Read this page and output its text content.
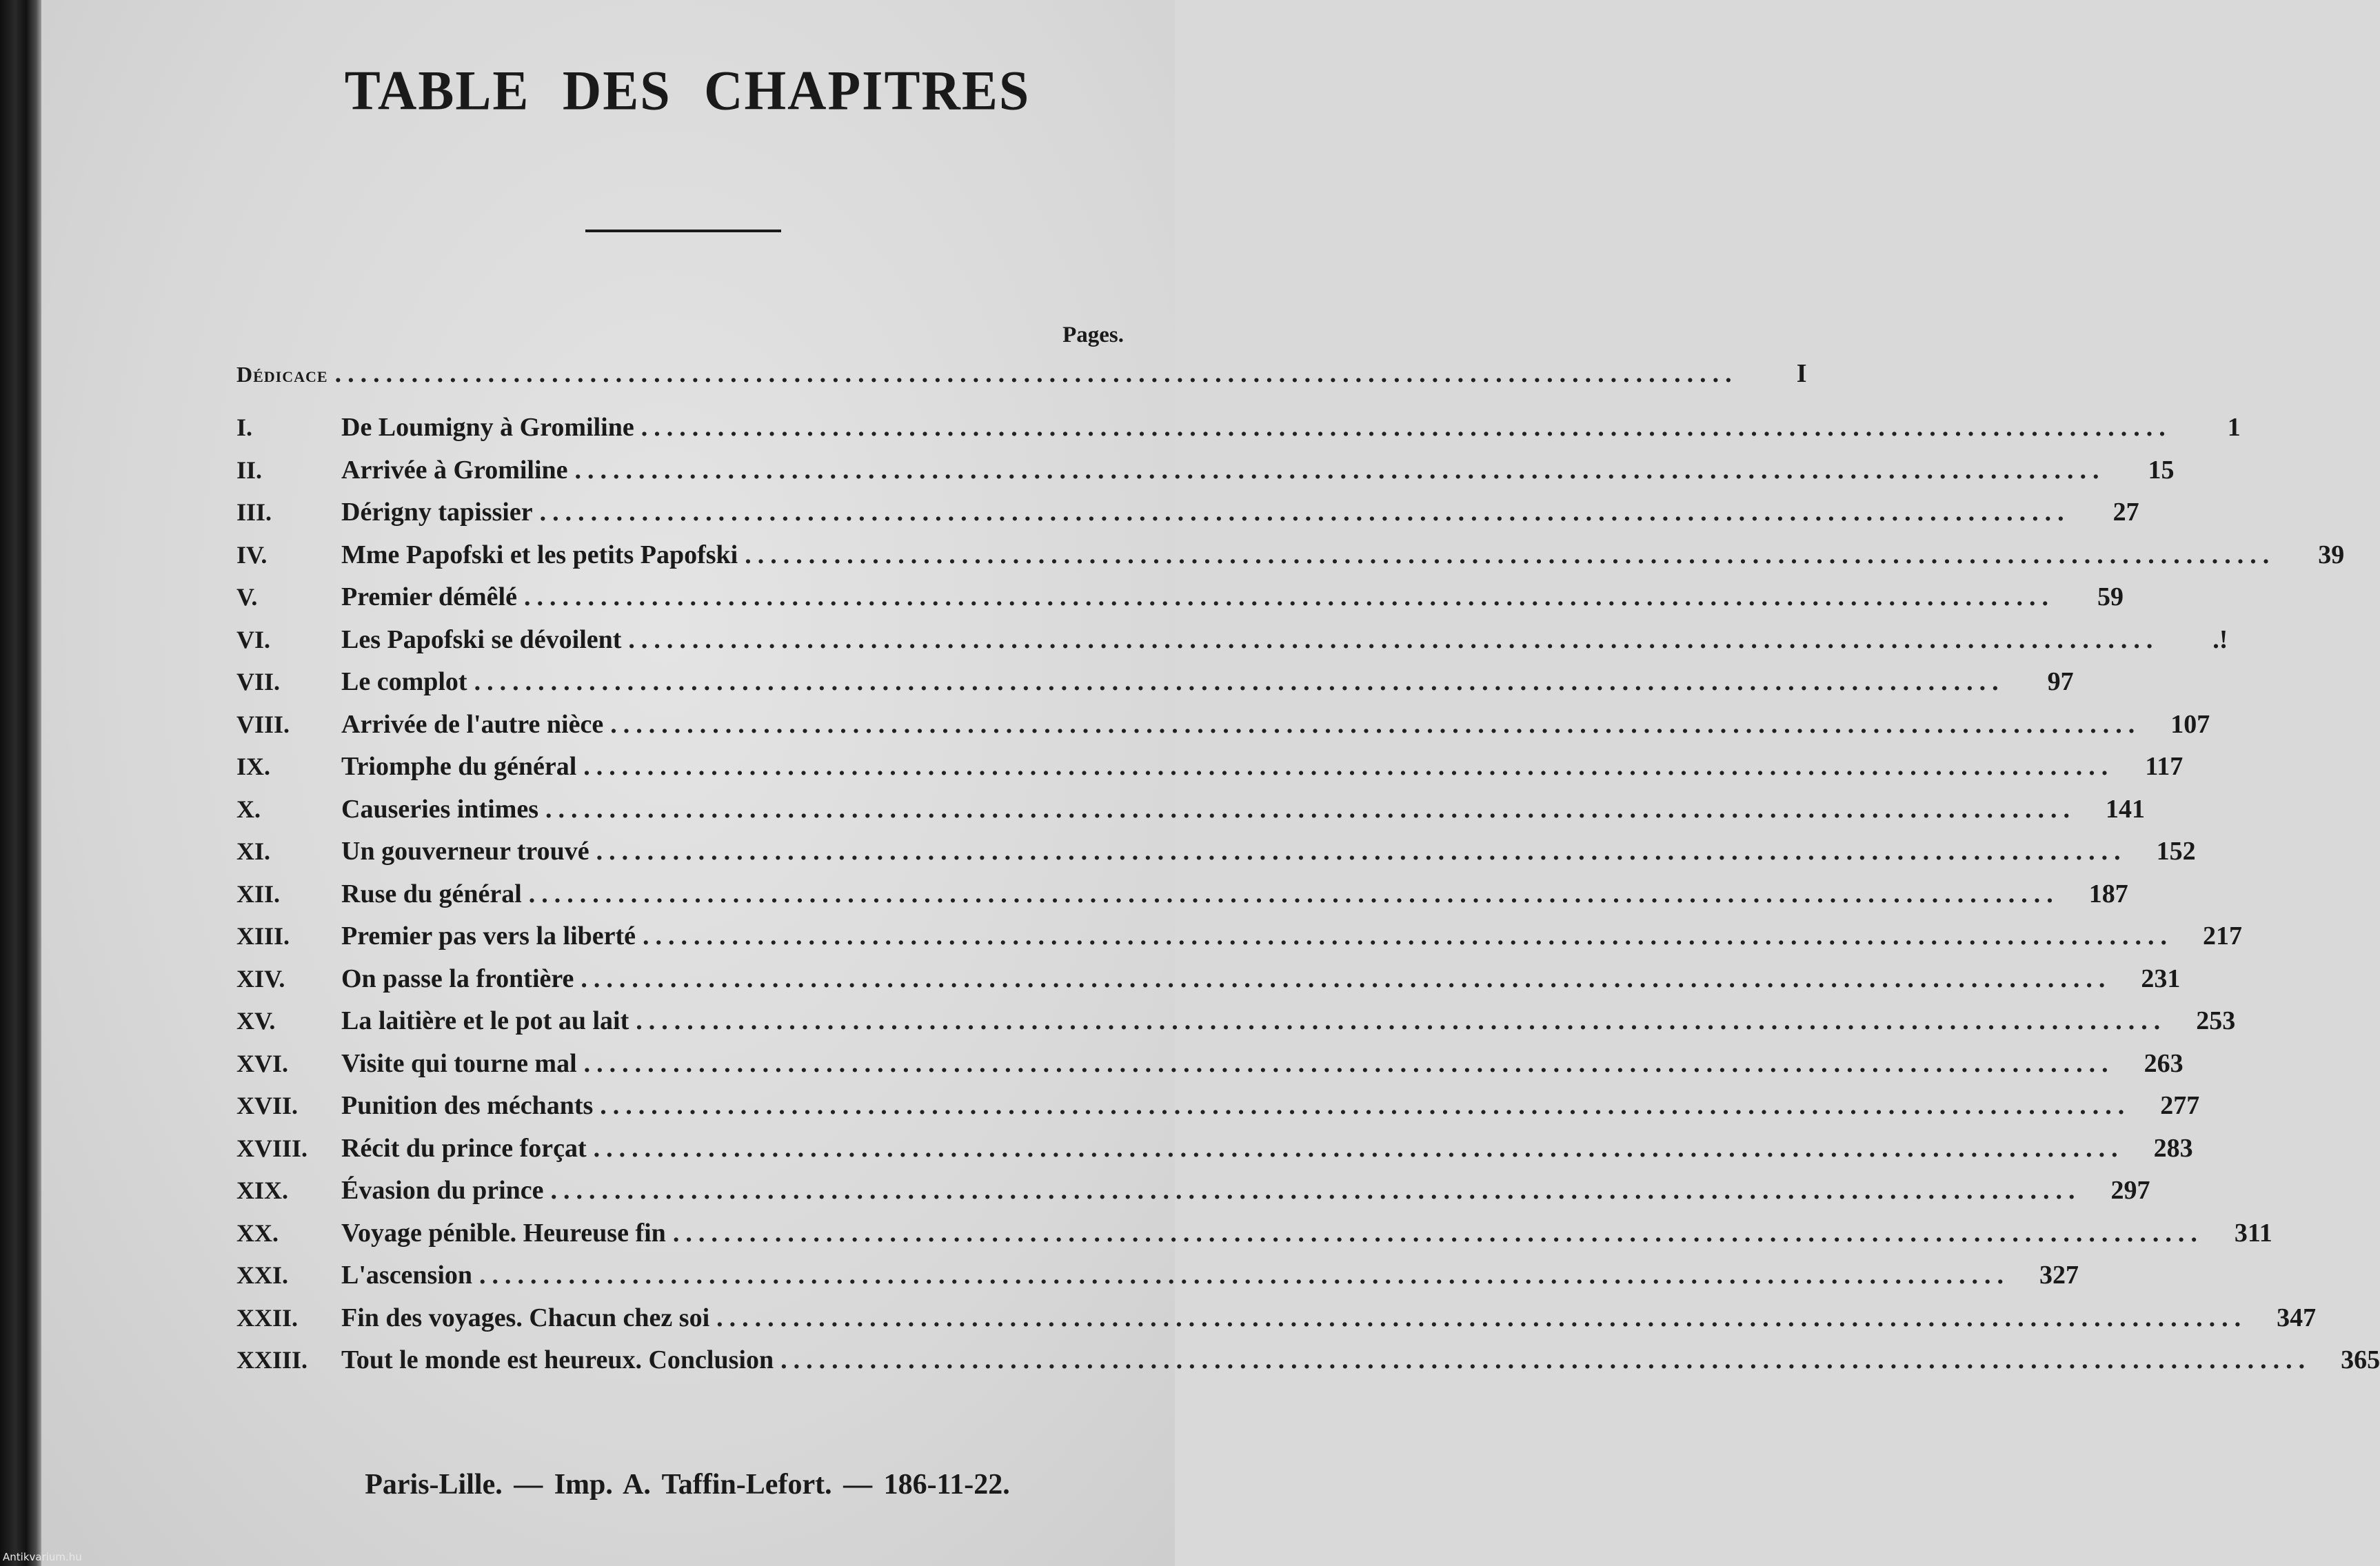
TABLE DES CHAPITRES
Pages.
Dédicace ..............................................................................................................	I
I.	De Loumigny à Gromiline ........................................................................................................................	1
II.	Arrivée à Gromiline ........................................................................................................................	15
III.	Dérigny tapissier ........................................................................................................................	27
IV.	Mme Papofski et les petits Papofski ........................................................................................................................	39
V.	Premier démêlé ........................................................................................................................	59
VI.	Les Papofski se dévoilent ........................................................................................................................	.!
VII.	Le complot ........................................................................................................................	97
VIII.	Arrivée de l'autre nièce ........................................................................................................................	107
IX.	Triomphe du général ........................................................................................................................	117
X.	Causeries intimes ........................................................................................................................	141
XI.	Un gouverneur trouvé ........................................................................................................................	152
XII.	Ruse du général ........................................................................................................................	187
XIII.	Premier pas vers la liberté ........................................................................................................................	217
XIV.	On passe la frontière ........................................................................................................................	231
XV.	La laitière et le pot au lait ........................................................................................................................	253
XVI.	Visite qui tourne mal ........................................................................................................................	263
XVII.	Punition des méchants ........................................................................................................................	277
XVIII.	Récit du prince forçat ........................................................................................................................	283
XIX.	Évasion du prince ........................................................................................................................	297
XX.	Voyage pénible. Heureuse fin ........................................................................................................................	311
XXI.	L'ascension ........................................................................................................................	327
XXII.	Fin des voyages. Chacun chez soi ........................................................................................................................	347
XXIII.	Tout le monde est heureux. Conclusion ........................................................................................................................	365
Paris-Lille. — Imp. A. Taffin-Lefort. — 186-11-22.
Antikvarium.hu
